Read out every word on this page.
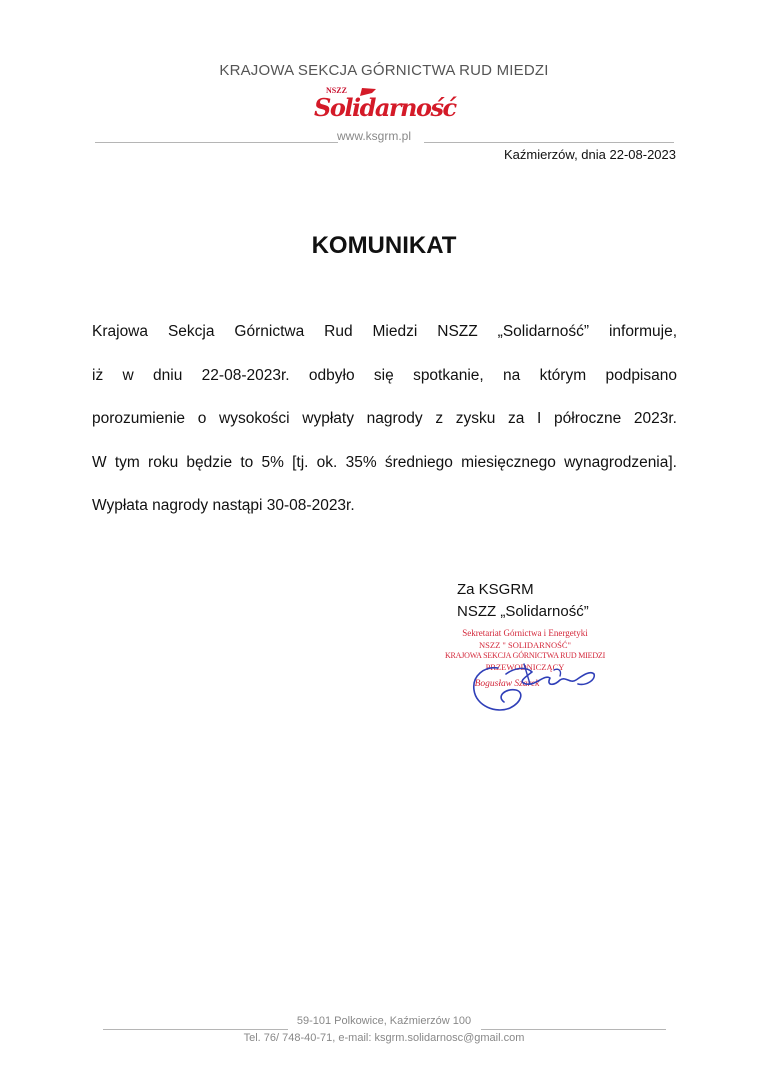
KRAJOWA SEKCJA GÓRNICTWA RUD MIEDZI
NSZZ
Solidarność
www.ksgrm.pl
Kaźmierzów, dnia 22-08-2023
KOMUNIKAT

Krajowa Sekcja Górnictwa Rud Miedzi NSZZ „Solidarność” informuje,

iż w dniu 22-08-2023r. odbyło się spotkanie, na którym podpisano

porozumienie o wysokości wypłaty nagrody z zysku za I półroczne 2023r.

W tym roku będzie to 5% [tj. ok. 35% średniego miesięcznego wynagrodzenia].

Wypłata nagrody nastąpi 30-08-2023r.

Za KSGRM
NSZZ „Solidarność”
Sekretariat Górnictwa i Energetyki
NSZZ " SOLIDARNOŚĆ"
KRAJOWA SEKCJA GÓRNICTWA RUD MIEDZI
PRZEWODNICZĄCY
Bogusław Szarek
59-101 Polkowice, Kaźmierzów 100
Tel. 76/ 748-40-71, e-mail: ksgrm.solidarnosc@gmail.com
